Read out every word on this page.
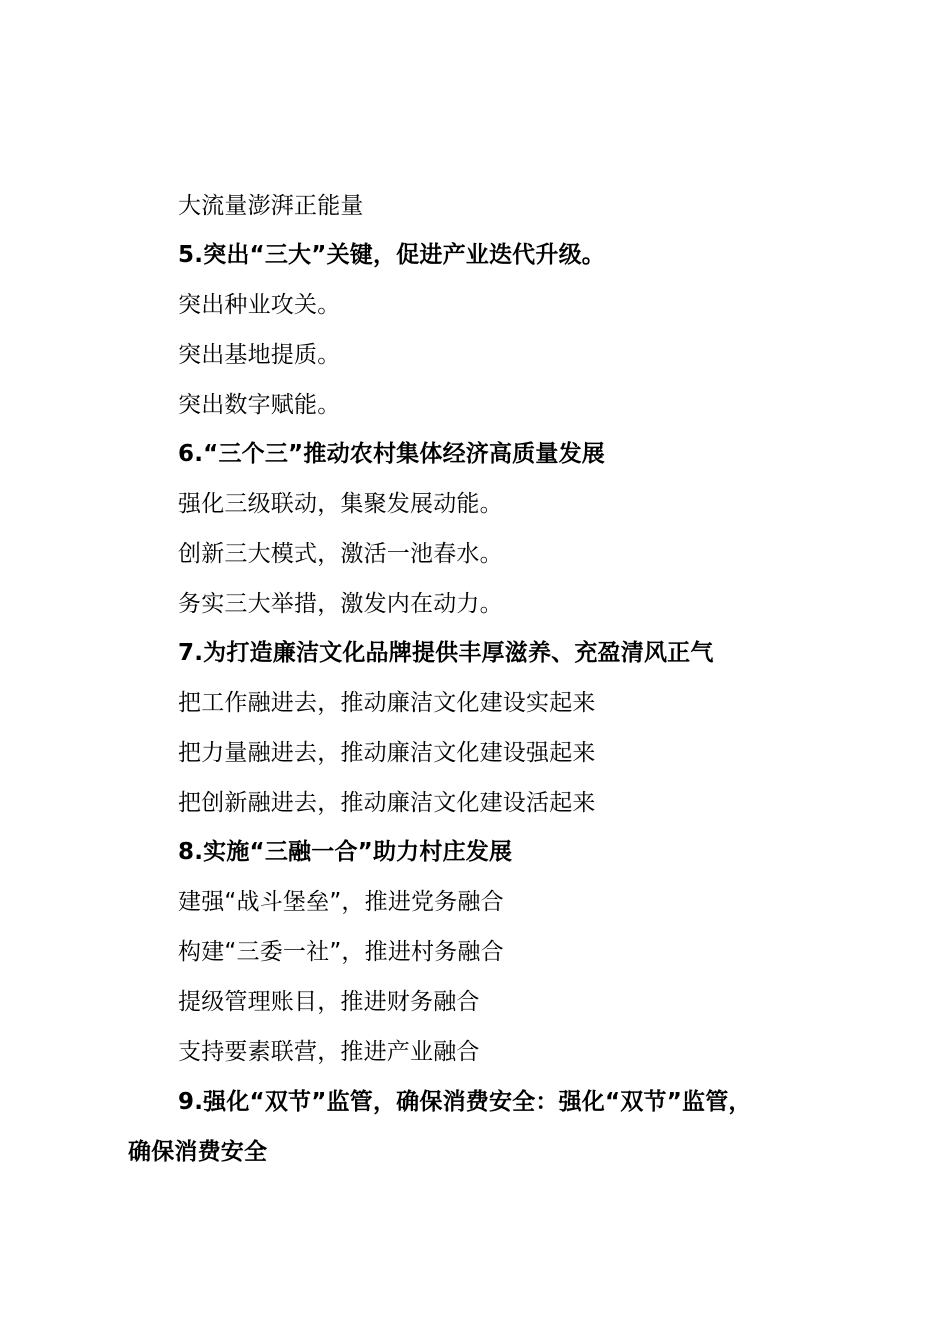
大流量澎湃正能量
5.突出“三大”关键，促进产业迭代升级。
突出种业攻关。
突出基地提质。
突出数字赋能。
6.“三个三”推动农村集体经济高质量发展
强化三级联动，集聚发展动能。
创新三大模式，激活一池春水。
务实三大举措，激发内在动力。
7.为打造廉洁文化品牌提供丰厚滋养、充盈清风正气
把工作融进去，推动廉洁文化建设实起来
把力量融进去，推动廉洁文化建设强起来
把创新融进去，推动廉洁文化建设活起来
8.实施“三融一合”助力村庄发展
建强“战斗堡垒”，推进党务融合
构建“三委一社”，推进村务融合
提级管理账目，推进财务融合
支持要素联营，推进产业融合
9.强化“双节”监管，确保消费安全：强化“双节”监管，
确保消费安全
